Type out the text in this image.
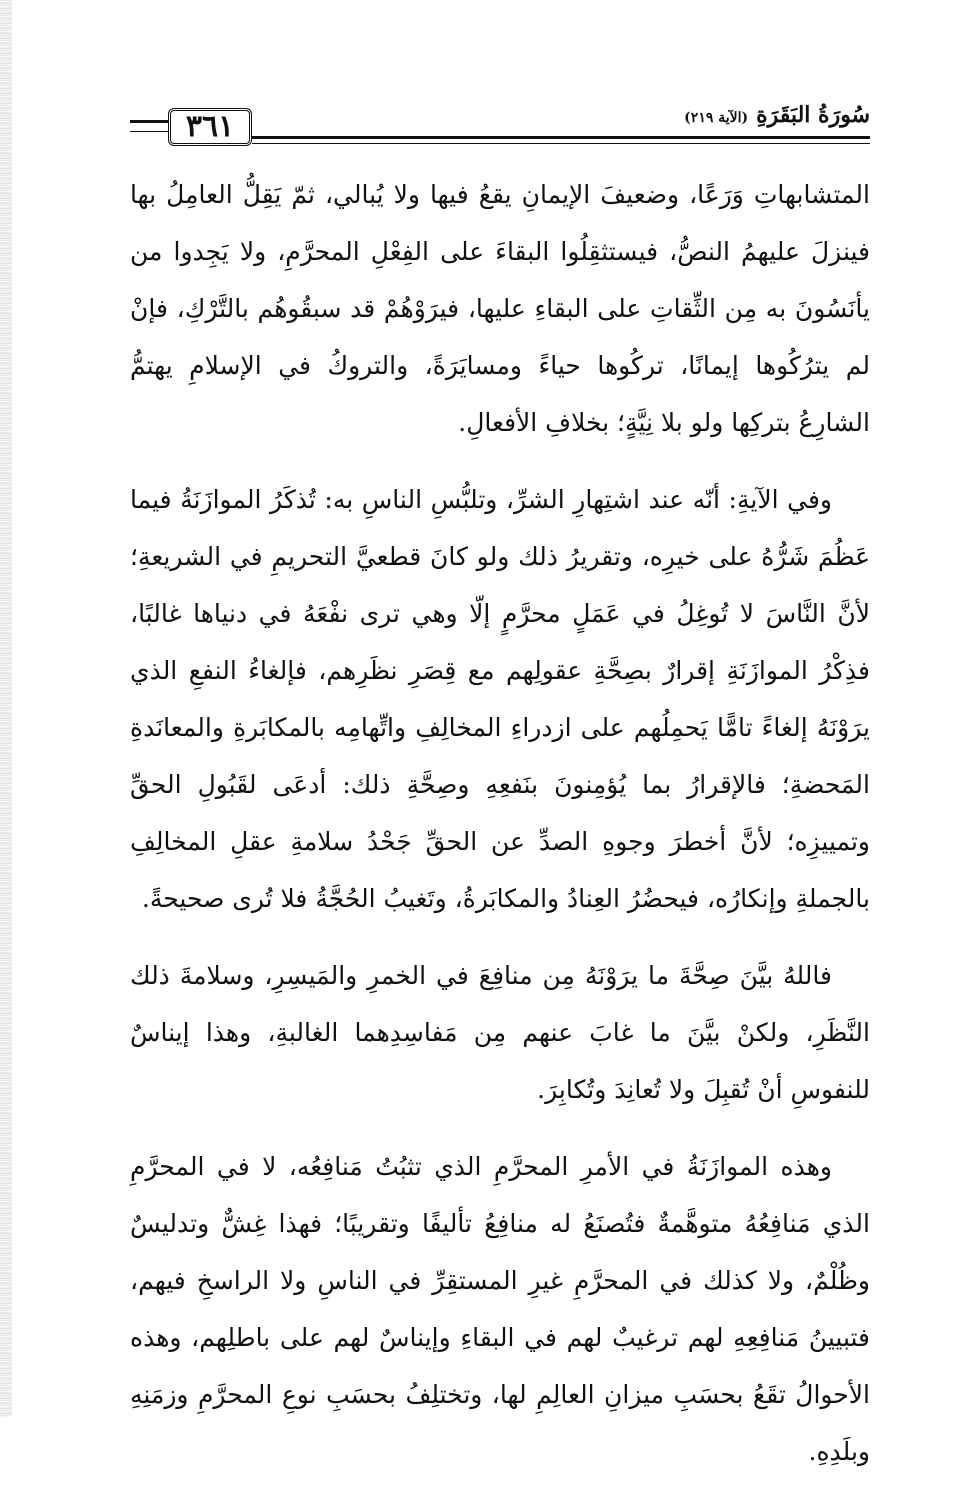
٣٦١	سُورَةُ البَقَرَةِ(الآية ٢١٩)

المتشابهاتِ وَرَعًا، وضعيفَ الإيمانِ يقعُ فيها ولا يُبالي، ثمّ يَقِلُّ العامِلُ بها فينزلَ عليهمُ النصُّ، فيستثقِلُوا البقاءَ على الفِعْلِ المحرَّمِ، ولا يَجِدوا من يأنَسُونَ به مِن الثِّقاتِ على البقاءِ عليها، فيرَوْهُمْ قد سبقُوهُم بالتَّرْكِ، فإنْ لم يترُكُوها إيمانًا، تركُوها حياءً ومسايَرَةً، والتروكُ في الإسلامِ يهتمُّ الشارِعُ بتركِها ولو بلا نِيَّةٍ؛ بخلافِ الأفعالِ.

وفي الآيةِ: أنّه عند اشتِهارِ الشرِّ، وتلبُّسِ الناسِ به: تُذكَرُ الموازَنَةُ فيما عَظُمَ شَرُّهُ على خيرِه، وتقريرُ ذلك ولو كانَ قطعيَّ التحريمِ في الشريعةِ؛ لأنَّ النَّاسَ لا تُوغِلُ في عَمَلٍ محرَّمٍ إلّا وهي ترى نفْعَهُ في دنياها غالبًا، فذِكْرُ الموازَنَةِ إقرارٌ بصِحَّةِ عقولِهم مع قِصَرِ نظَرِهم، فإلغاءُ النفعِ الذي يرَوْنَهُ إلغاءً تامًّا يَحمِلُهم على ازدراءِ المخالِفِ واتِّهامِه بالمكابَرةِ والمعانَدةِ المَحضةِ؛ فالإقرارُ بما يُؤمِنونَ بنَفعِهِ وصِحَّةِ ذلك: أدعَى لقَبُولِ الحقِّ وتمييزِه؛ لأنَّ أخطرَ وجوهِ الصدِّ عن الحقِّ جَحْدُ سلامةِ عقلِ المخالِفِ بالجملةِ وإنكارُه، فيحضُرُ العِنادُ والمكابَرةُ، وتَغيبُ الحُجَّةُ فلا تُرى صحيحةً.

فاللهُ بيَّنَ صِحَّةَ ما يرَوْنَهُ مِن منافِعَ في الخمرِ والمَيسِرِ، وسلامةَ ذلك النَّظَرِ، ولكنْ بيَّنَ ما غابَ عنهم مِن مَفاسِدِهما الغالبةِ، وهذا إيناسٌ للنفوسِ أنْ تُقبِلَ ولا تُعانِدَ وتُكابِرَ.

وهذه الموازَنَةُ في الأمرِ المحرَّمِ الذي تثبُتُ مَنافِعُه، لا في المحرَّمِ الذي مَنافِعُهُ متوهَّمةٌ فتُصنَعُ له منافِعُ تأليفًا وتقريبًا؛ فهذا غِشٌّ وتدليسٌ وظُلْمٌ، ولا كذلك في المحرَّمِ غيرِ المستقِرِّ في الناسِ ولا الراسخِ فيهم، فتبيينُ مَنافِعِهِ لهم ترغيبٌ لهم في البقاءِ وإيناسٌ لهم على باطلِهم، وهذه الأحوالُ تقَعُ بحسَبِ ميزانِ العالِمِ لها، وتختلِفُ بحسَبِ نوعِ المحرَّمِ وزمَنِهِ وبلَدِهِ.
